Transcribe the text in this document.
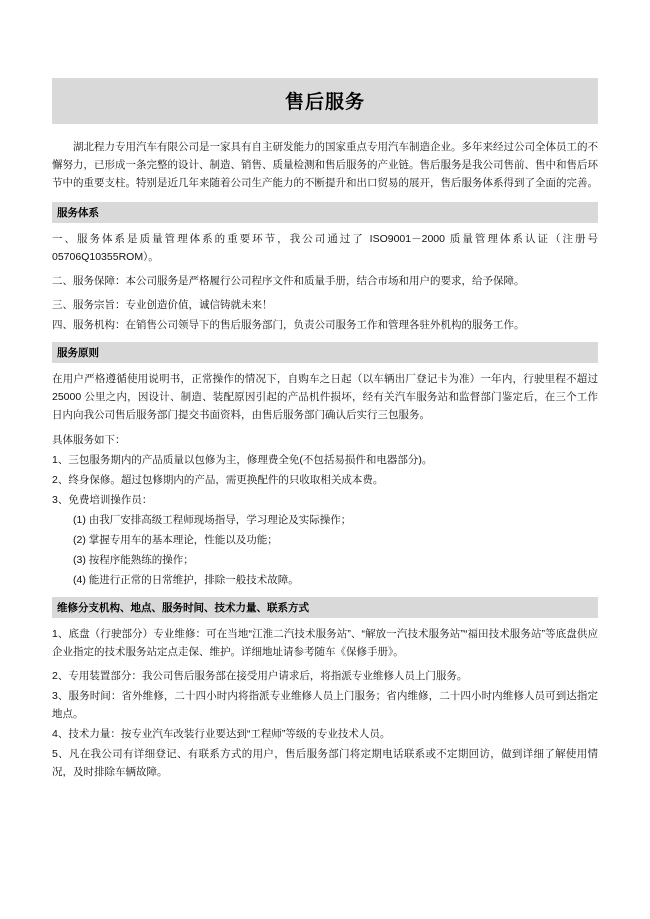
售后服务
湖北程力专用汽车有限公司是一家具有自主研发能力的国家重点专用汽车制造企业。多年来经过公司全体员工的不懈努力，已形成一条完整的设计、制造、销售、质量检测和售后服务的产业链。售后服务是我公司售前、售中和售后环节中的重要支柱。特别是近几年来随着公司生产能力的不断提升和出口贸易的展开，售后服务体系得到了全面的完善。
服务体系

一、服务体系是质量管理体系的重要环节，我公司通过了 ISO9001－2000 质量管理体系认证（注册号 05706Q10355ROM）。

二、服务保障：本公司服务是严格履行公司程序文件和质量手册，结合市场和用户的要求，给予保障。

三、服务宗旨：专业创造价值，诚信铸就未来！

四、服务机构：在销售公司领导下的售后服务部门，负责公司服务工作和管理各驻外机构的服务工作。

服务原则
在用户严格遵循使用说明书，正常操作的情况下，自购车之日起（以车辆出厂登记卡为准）一年内，行驶里程不超过 25000 公里之内，因设计、制造、装配原因引起的产品机件损坏，经有关汽车服务站和监督部门鉴定后，在三个工作日内向我公司售后服务部门提交书面资料，由售后服务部门确认后实行三包服务。

具体服务如下：

1、三包服务期内的产品质量以包修为主，修理费全免(不包括易损件和电器部分)。

2、终身保修。超过包修期内的产品，需更换配件的只收取相关成本费。

3、免费培训操作员：

(1) 由我厂安排高级工程师现场指导，学习理论及实际操作；

(2) 掌握专用车的基本理论，性能以及功能；

(3) 按程序能熟练的操作；

(4) 能进行正常的日常维护，排除一般技术故障。

维修分支机构、地点、服务时间、技术力量、联系方式
1、底盘（行驶部分）专业维修：可在当地“江淮二汽技术服务站”、“解放一汽技术服务站”“福田技术服务站”等底盘供应企业指定的技术服务站定点走保、维护。详细地址请参考随车《保修手册》。

2、专用装置部分：我公司售后服务部在接受用户请求后，将指派专业维修人员上门服务。

3、服务时间：省外维修，二十四小时内将指派专业维修人员上门服务；省内维修，二十四小时内维修人员可到达指定地点。

4、技术力量：按专业汽车改装行业要达到“工程师”等级的专业技术人员。

5、凡在我公司有详细登记、有联系方式的用户，售后服务部门将定期电话联系或不定期回访，做到详细了解使用情况，及时排除车辆故障。
